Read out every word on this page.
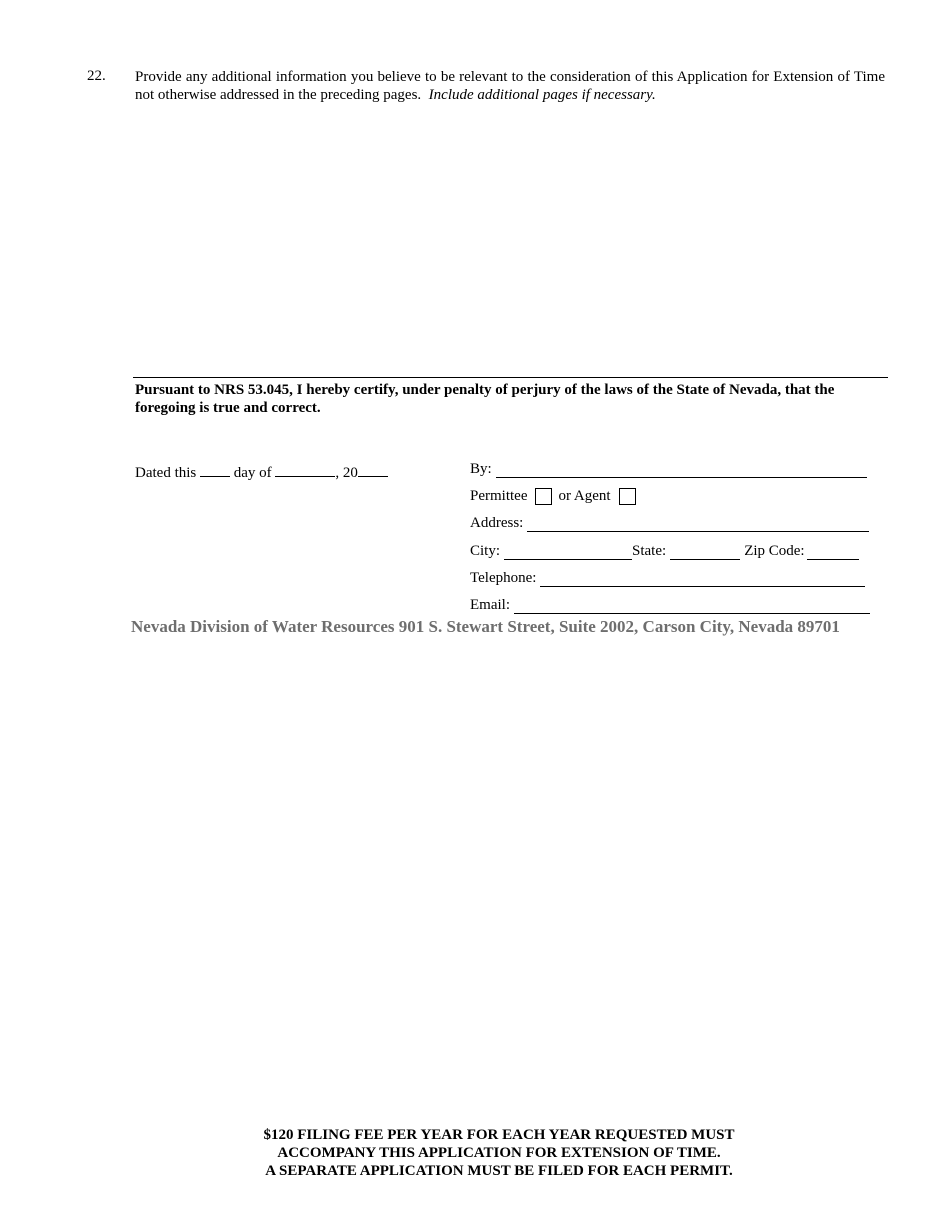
22. Provide any additional information you believe to be relevant to the consideration of this Application for Extension of Time not otherwise addressed in the preceding pages. Include additional pages if necessary.
Pursuant to NRS 53.045, I hereby certify, under penalty of perjury of the laws of the State of Nevada, that the foregoing is true and correct.
Dated this	day of	, 20	By:
Permittee or Agent
Address:
City:	State:	Zip Code:
Telephone:
Email:
Nevada Division of Water Resources 901 S. Stewart Street, Suite 2002, Carson City, Nevada 89701
$120 FILING FEE PER YEAR FOR EACH YEAR REQUESTED MUST
ACCOMPANY THIS APPLICATION FOR EXTENSION OF TIME.
A SEPARATE APPLICATION MUST BE FILED FOR EACH PERMIT.
